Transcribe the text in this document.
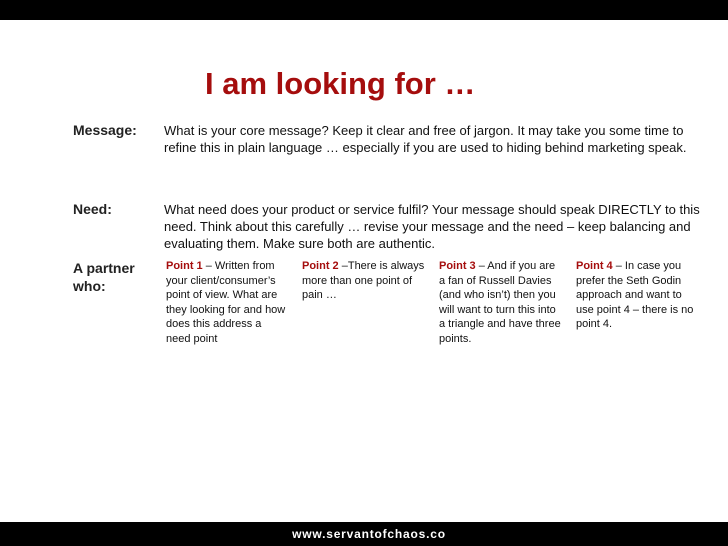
I am looking for …
Message: What is your core message? Keep it clear and free of jargon. It may take you some time to refine this in plain language … especially if you are used to hiding behind marketing speak.
Need:	What need does your product or service fulfil? Your message should speak DIRECTLY to this need. Think about this carefully … revise your message and the need – keep balancing and evaluating them. Make sure both are authentic.
A partner who:
Point 1 – Written from your client/consumer’s point of view. What are they looking for and how does this address a need point
Point 2 –There is always more than one point of pain …
Point 3 – And if you are a fan of Russell Davies (and who isn’t) then you will want to turn this into a triangle and have three points.
Point 4 – In case you prefer the Seth Godin approach and want to use point 4 – there is no point 4.
www.servantofchaos.co
